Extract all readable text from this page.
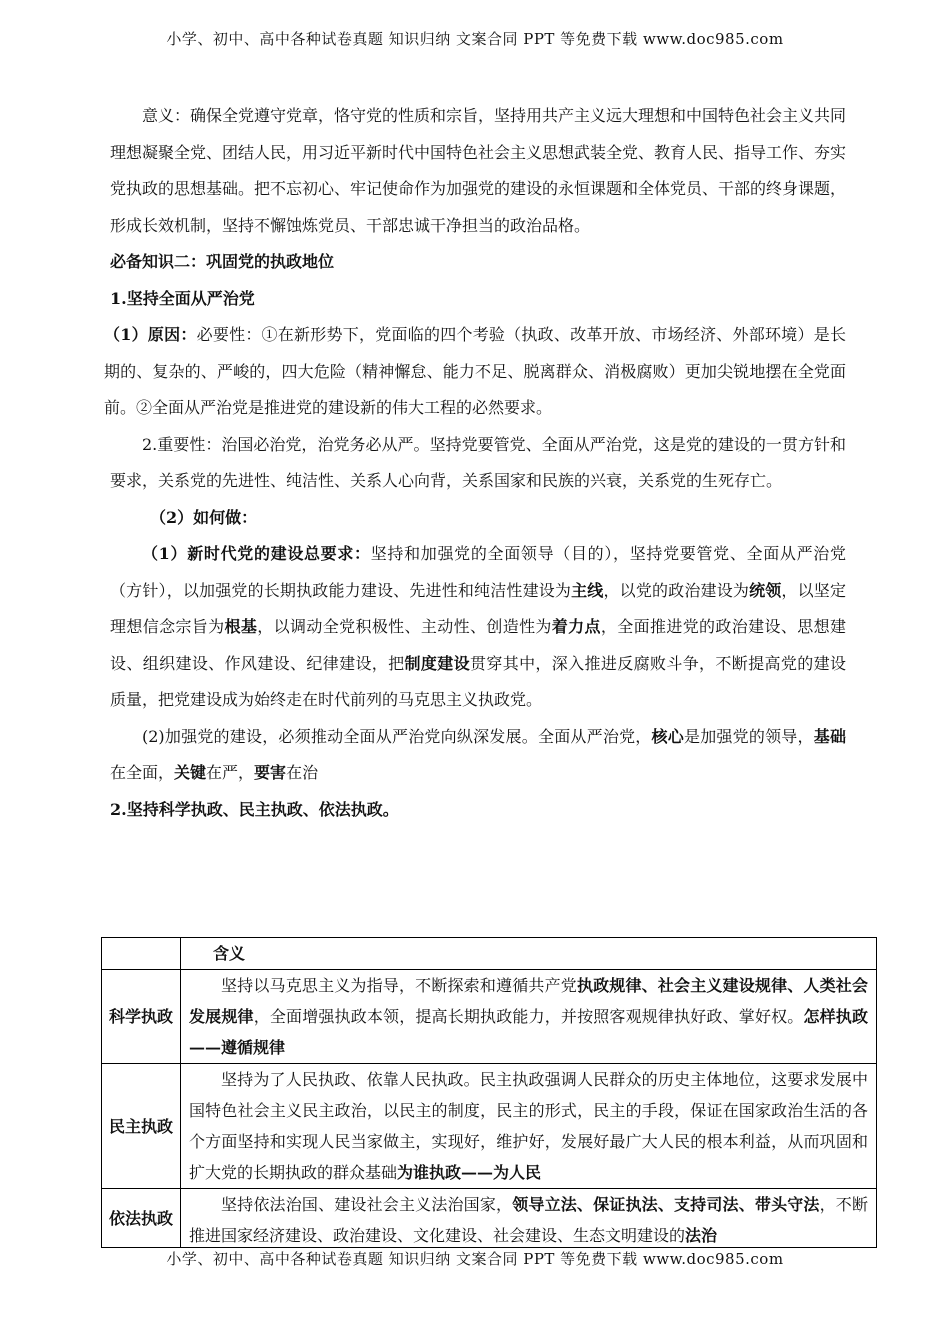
小学、初中、高中各种试卷真题 知识归纳 文案合同 PPT 等免费下载 www.doc985.com

意义：确保全党遵守党章，恪守党的性质和宗旨，坚持用共产主义远大理想和中国特色社会主义共同理想凝聚全党、团结人民，用习近平新时代中国特色社会主义思想武装全党、教育人民、指导工作、夯实党执政的思想基础。把不忘初心、牢记使命作为加强党的建设的永恒课题和全体党员、干部的终身课题，形成长效机制，坚持不懈蚀炼党员、干部忠诚干净担当的政治品格。

必备知识二：巩固党的执政地位

1.坚持全面从严治党

（1）原因：必要性：①在新形势下，党面临的四个考验（执政、改革开放、市场经济、外部环境）是长期的、复杂的、严峻的，四大危险（精神懈怠、能力不足、脱离群众、消极腐败）更加尖锐地摆在全党面前。②全面从严治党是推进党的建设新的伟大工程的必然要求。

2.重要性：治国必治党，治党务必从严。坚持党要管党、全面从严治党，这是党的建设的一贯方针和要求，关系党的先进性、纯洁性、关系人心向背，关系国家和民族的兴衰，关系党的生死存亡。

（2）如何做：

（1）新时代党的建设总要求：坚持和加强党的全面领导（目的），坚持党要管党、全面从严治党（方针），以加强党的长期执政能力建设、先进性和纯洁性建设为主线，以党的政治建设为统领，以坚定理想信念宗旨为根基，以调动全党积极性、主动性、创造性为着力点，全面推进党的政治建设、思想建设、组织建设、作风建设、纪律建设，把制度建设贯穿其中，深入推进反腐败斗争，不断提高党的建设质量，把党建设成为始终走在时代前列的马克思主义执政党。

(2)加强党的建设，必须推动全面从严治党向纵深发展。全面从严治党，核心是加强党的领导，基础在全面，关键在严，要害在治

2.坚持科学执政、民主执政、依法执政。

	含义
科学执政	坚持以马克思主义为指导，不断探索和遵循共产党执政规律、社会主义建设规律、人类社会发展规律，全面增强执政本领，提高长期执政能力，并按照客观规律执好政、掌好权。怎样执政——遵循规律
民主执政	坚持为了人民执政、依靠人民执政。民主执政强调人民群众的历史主体地位，这要求发展中国特色社会主义民主政治，以民主的制度，民主的形式，民主的手段，保证在国家政治生活的各个方面坚持和实现人民当家做主，实现好，维护好，发展好最广大人民的根本利益，从而巩固和扩大党的长期执政的群众基础为谁执政——为人民
依法执政	坚持依法治国、建设社会主义法治国家，领导立法、保证执法、支持司法、带头守法，不断推进国家经济建设、政治建设、文化建设、社会建设、生态文明建设的法治
小学、初中、高中各种试卷真题 知识归纳 文案合同 PPT 等免费下载 www.doc985.com
